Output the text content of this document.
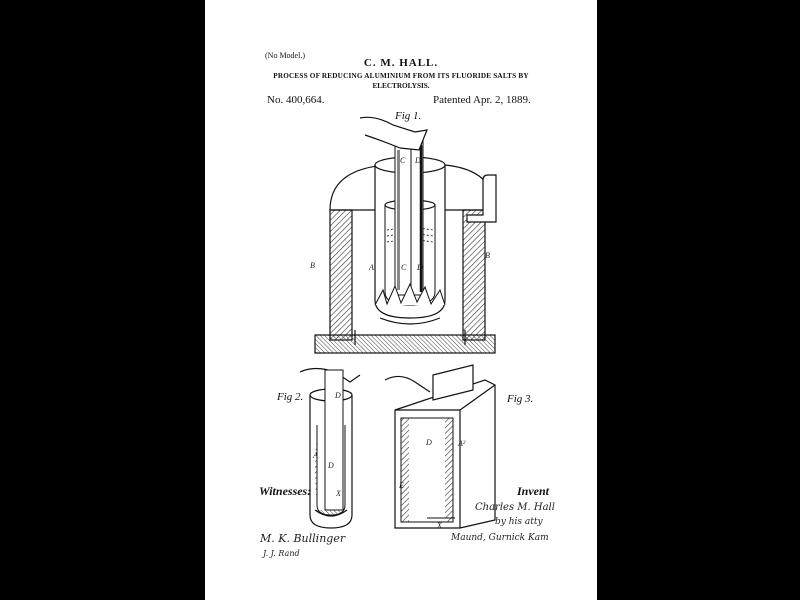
(No Model.)
C. M. HALL.
PROCESS OF REDUCING ALUMINIUM FROM ITS FLUORIDE SALTS BY
ELECTROLYSIS.
No. 400,664.	Patented Apr. 2, 1889.
Fig 1.
Fig 2.	Fig 3.
B
B
A	C D
C D
D
A
D
X
A²
D
E
X
M. K. Bullinger
J. J. Rand
Charles M. Hall
by his atty
Maund, Gurnick Kam
Witnesses:	Invent
